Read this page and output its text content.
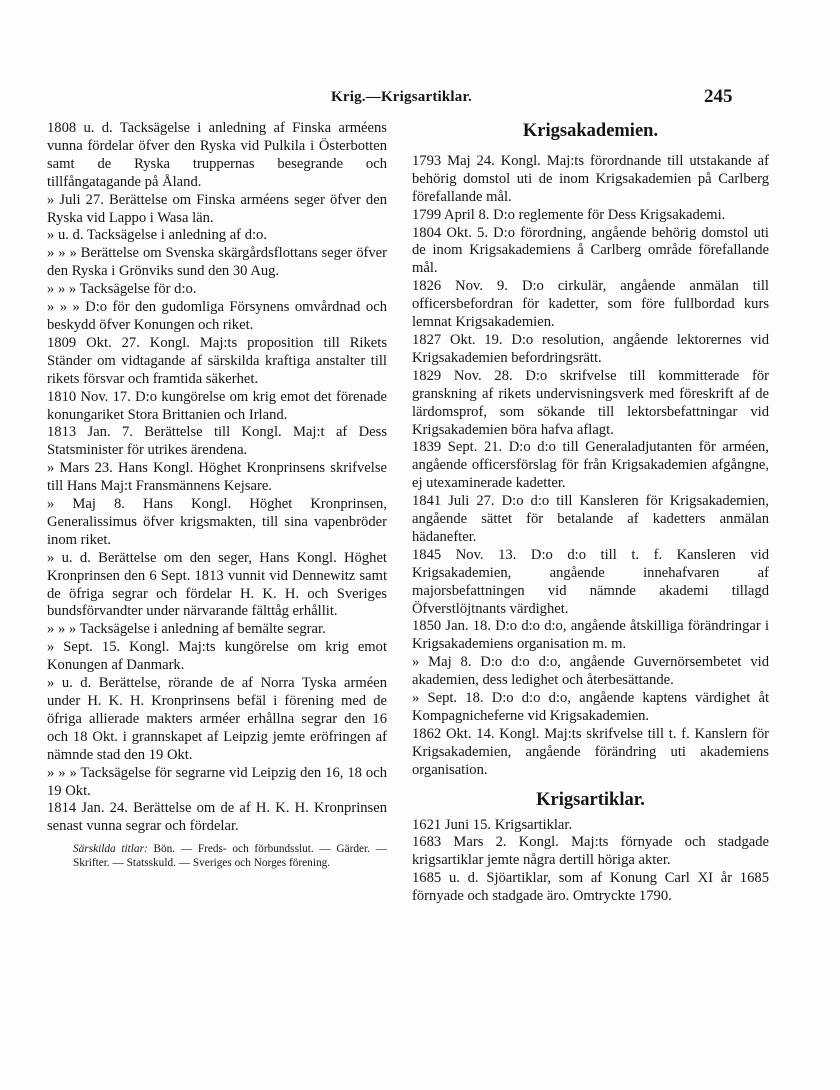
Krig.—Krigsartiklar.	245

1808 u. d. Tacksägelse i anledning af Finska arméens vunna fördelar öfver den Ryska vid Pulkila i Österbotten samt de Ryska truppernas besegrande och tillfångatagande på Åland.

» Juli 27. Berättelse om Finska arméens seger öfver den Ryska vid Lappo i Wasa län.

» u. d. Tacksägelse i anledning af d:o.

» » » Berättelse om Svenska skärgårdsflottans seger öfver den Ryska i Grönviks sund den 30 Aug.

» » » Tacksägelse för d:o.

» » » D:o för den gudomliga Försynens omvårdnad och beskydd öfver Konungen och riket.

1809 Okt. 27. Kongl. Maj:ts proposition till Rikets Ständer om vidtagande af särskilda kraftiga anstalter till rikets försvar och framtida säkerhet.

1810 Nov. 17. D:o kungörelse om krig emot det förenade konungariket Stora Brittanien och Irland.

1813 Jan. 7. Berättelse till Kongl. Maj:t af Dess Statsminister för utrikes ärendena.

» Mars 23. Hans Kongl. Höghet Kronprinsens skrifvelse till Hans Maj:t Fransmännens Kejsare.

» Maj 8. Hans Kongl. Höghet Kronprinsen, Generalissimus öfver krigsmakten, till sina vapenbröder inom riket.

» u. d. Berättelse om den seger, Hans Kongl. Höghet Kronprinsen den 6 Sept. 1813 vunnit vid Dennewitz samt de öfriga segrar och fördelar H. K. H. och Sveriges bundsförvandter under närvarande fälttåg erhållit.

» » » Tacksägelse i anledning af bemälte segrar.

» Sept. 15. Kongl. Maj:ts kungörelse om krig emot Konungen af Danmark.

» u. d. Berättelse, rörande de af Norra Tyska arméen under H. K. H. Kronprinsens befäl i förening med de öfriga allierade makters arméer erhållna segrar den 16 och 18 Okt. i grannskapet af Leipzig jemte eröfringen af nämnde stad den 19 Okt.

» » » Tacksägelse för segrarne vid Leipzig den 16, 18 och 19 Okt.

1814 Jan. 24. Berättelse om de af H. K. H. Kronprinsen senast vunna segrar och fördelar.

Särskilda titlar: Bön. — Freds- och förbundsslut. — Gärder. — Skrifter. — Statsskuld. — Sveriges och Norges förening.
Krigsakademien.

1793 Maj 24. Kongl. Maj:ts förordnande till utstakande af behörig domstol uti de inom Krigsakademien på Carlberg förefallande mål.

1799 April 8. D:o reglemente för Dess Krigsakademi.

1804 Okt. 5. D:o förordning, angående behörig domstol uti de inom Krigsakademiens å Carlberg område förefallande mål.

1826 Nov. 9. D:o cirkulär, angående anmälan till officersbefordran för kadetter, som före fullbordad kurs lemnat Krigsakademien.

1827 Okt. 19. D:o resolution, angående lektorernes vid Krigsakademien befordringsrätt.

1829 Nov. 28. D:o skrifvelse till kommitterade för granskning af rikets undervisningsverk med föreskrift af de lärdomsprof, som sökande till lektorsbefattningar vid Krigsakademien böra hafva aflagt.

1839 Sept. 21. D:o d:o till Generaladjutanten för arméen, angående officersförslag för från Krigsakademien afgångne, ej utexaminerade kadetter.

1841 Juli 27. D:o d:o till Kansleren för Krigsakademien, angående sättet för betalande af kadetters anmälan hädanefter.

1845 Nov. 13. D:o d:o till t. f. Kansleren vid Krigsakademien, angående innehafvaren af majorsbefattningen vid nämnde akademi tillagd Öfverstlöjtnants värdighet.

1850 Jan. 18. D:o d:o d:o, angående åtskilliga förändringar i Krigsakademiens organisation m. m.

» Maj 8. D:o d:o d:o, angående Guvernörsembetet vid akademien, dess ledighet och återbesättande.

» Sept. 18. D:o d:o d:o, angående kaptens värdighet åt Kompagnicheferne vid Krigsakademien.

1862 Okt. 14. Kongl. Maj:ts skrifvelse till t. f. Kanslern för Krigsakademien, angående förändring uti akademiens organisation.

Krigsartiklar.

1621 Juni 15. Krigsartiklar.

1683 Mars 2. Kongl. Maj:ts förnyade och stadgade krigsartiklar jemte några dertill höriga akter.

1685 u. d. Sjöartiklar, som af Konung Carl XI år 1685 förnyade och stadgade äro. Omtryckte 1790.
